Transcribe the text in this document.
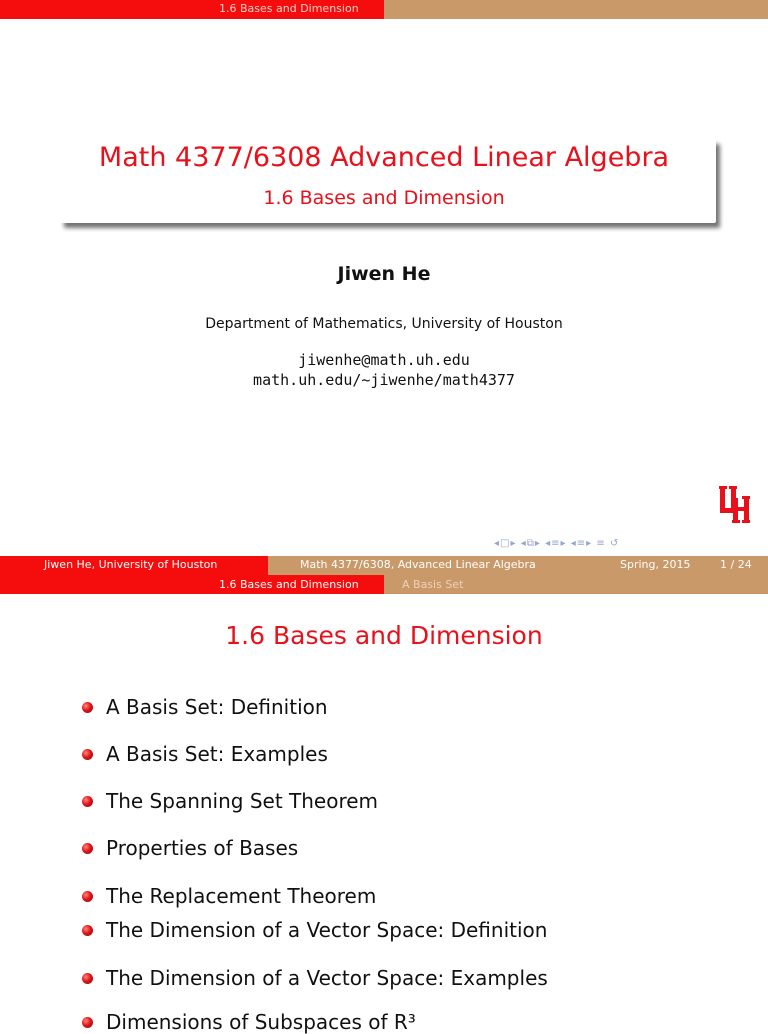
1.6 Bases and Dimension
Math 4377/6308 Advanced Linear Algebra
1.6 Bases and Dimension
Jiwen He
Department of Mathematics, University of Houston
jiwenhe@math.uh.edu
math.uh.edu/~jiwenhe/math4377
◂□▸ ◂⧉▸ ◂≡▸ ◂≡▸ ≡ ↺
Jiwen He, University of Houston	Math 4377/6308, Advanced Linear Algebra	Spring, 2015	1 / 24
1.6 Bases and Dimension	A Basis Set
1.6 Bases and Dimension
A Basis Set: Definition
A Basis Set: Examples
The Spanning Set Theorem
Properties of Bases
The Replacement Theorem
The Dimension of a Vector Space: Definition
The Dimension of a Vector Space: Examples
Dimensions of Subspaces of R³
